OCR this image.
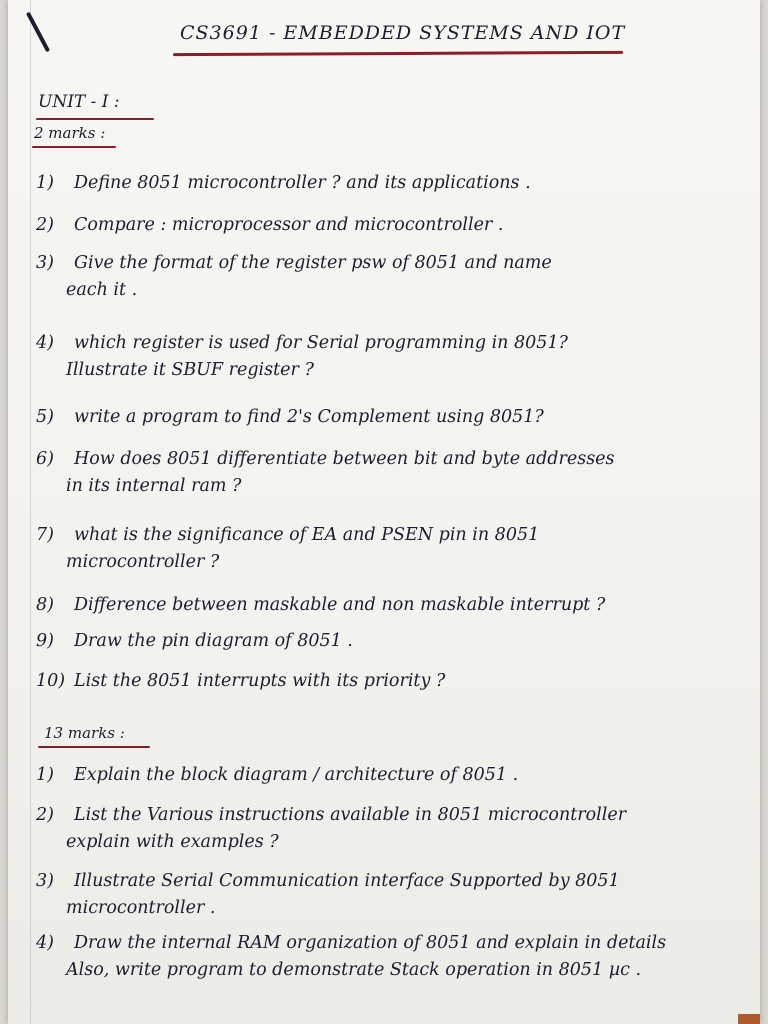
CS3691 - EMBEDDED SYSTEMS AND IOT
UNIT - I :
2 marks :
1) Define 8051 microcontroller ? and its applications .
2) Compare : microprocessor and microcontroller .
3) Give the format of the register psw of 8051 and name
each it .
4) which register is used for Serial programming in 8051?
Illustrate it SBUF register ?
5) write a program to find 2's Complement using 8051?
6) How does 8051 differentiate between bit and byte addresses
in its internal ram ?
7) what is the significance of EA and PSEN pin in 8051
microcontroller ?
8) Difference between maskable and non maskable interrupt ?
9) Draw the pin diagram of 8051 .
10) List the 8051 interrupts with its priority ?
13 marks :
1) Explain the block diagram / architecture of 8051 .
2) List the Various instructions available in 8051 microcontroller
explain with examples ?
3) Illustrate Serial Communication interface Supported by 8051
microcontroller .
4) Draw the internal RAM organization of 8051 and explain in details
Also, write program to demonstrate Stack operation in 8051 µc .
